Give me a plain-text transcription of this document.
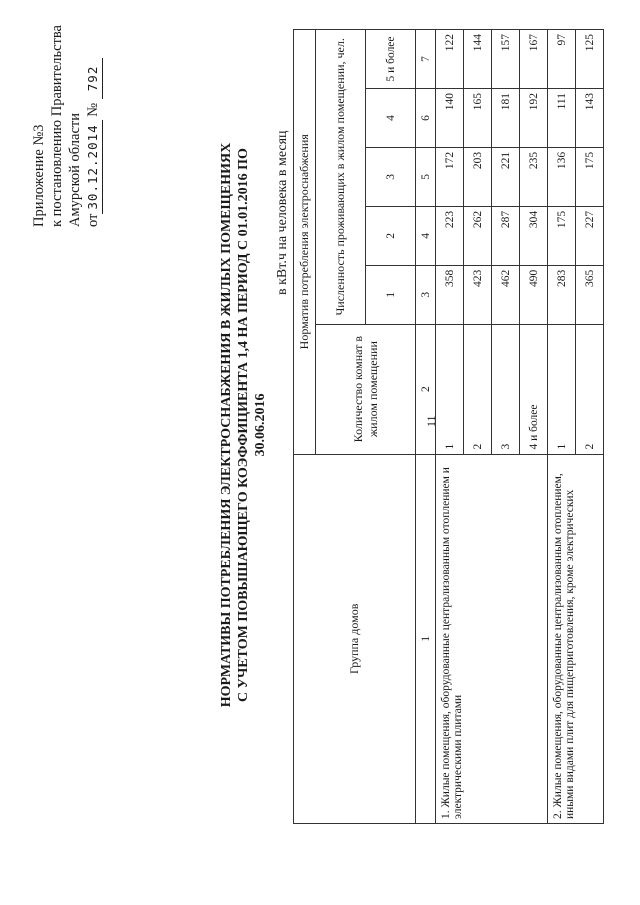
11
Приложение №3 к постановлению Правительства Амурской области от30.12.2014 № 792
НОРМАТИВЫ ПОТРЕБЛЕНИЯ ЭЛЕКТРОСНАБЖЕНИЯ В ЖИЛЫХ ПОМЕЩЕНИЯХ С УЧЕТОМ ПОВЫШАЮЩЕГО КОЭФФИЦИЕНТА 1,4 НА ПЕРИОД С 01.01.2016 ПО 30.06.2016
в кВт.ч на человека в месяц
Группа домов	Норматив потребления электроснабжения					
	Количество комнат в жилом помещении	Численность проживающих в жилом помещении, чел.				
		1	2	3	4	5 и более
1	2	3	4	5	6	7
1. Жилые помещения, оборудованные централизованным отоплением и электрическими плитами	1	358	223	172	140	122
	2	423	262	203	165	144
	3	462	287	221	181	157
	4 и более	490	304	235	192	167
2. Жилые помещения, оборудованные централизованным отоплением, иными видами плит для пищеприготовления, кроме электрических	1	283	175	136	111	97
	2	365	227	175	143	125
